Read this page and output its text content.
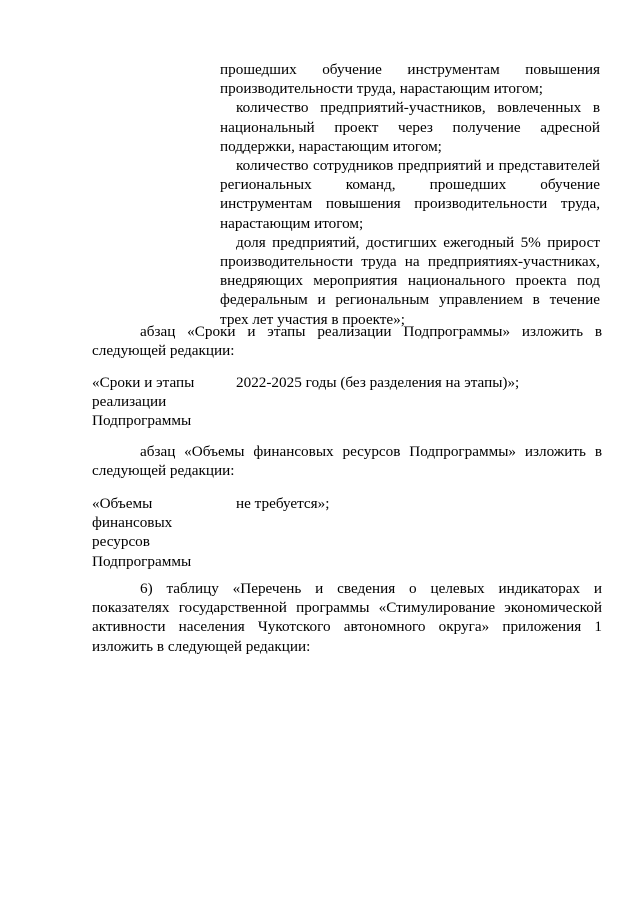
прошедших обучение инструментам повышения производительности труда, нарастающим итогом;

количество предприятий-участников, вовлеченных в национальный проект через получение адресной поддержки, нарастающим итогом;

количество сотрудников предприятий и представителей региональных команд, прошедших обучение инструментам повышения производительности труда, нарастающим итогом;

доля предприятий, достигших ежегодный 5% прирост производительности труда на предприятиях-участниках, внедряющих мероприятия национального проекта под федеральным и региональным управлением в течение трех лет участия в проекте»;

абзац «Сроки и этапы реализации Подпрограммы» изложить в следующей редакции:

«Сроки и этапы
реализации
Подпрограммы

2022-2025 годы (без разделения на этапы)»;

абзац «Объемы финансовых ресурсов Подпрограммы» изложить в следующей редакции:

«Объемы
финансовых
ресурсов
Подпрограммы

не требуется»;

6) таблицу «Перечень и сведения о целевых индикаторах и показателях государственной программы «Стимулирование экономической активности населения Чукотского автономного округа» приложения 1 изложить в следующей редакции:
